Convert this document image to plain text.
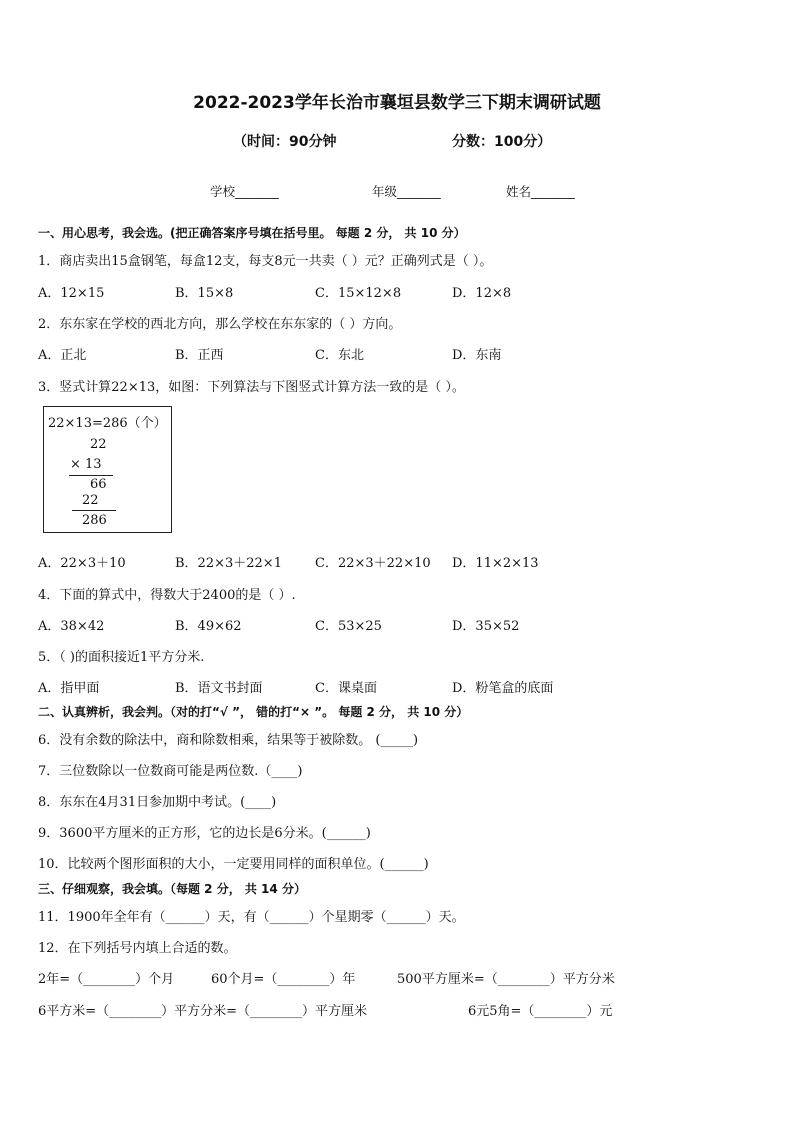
2022-2023学年长治市襄垣县数学三下期末调研试题
（时间：90分钟	分数：100分）
学校_______	年级_______	姓名_______
一、用心思考，我会选。(把正确答案序号填在括号里。 每题 2 分， 共 10 分）
1．商店卖出15盒钢笔，每盒12支，每支8元一共卖（ ）元？正确列式是（ ）。
A．12×15	B．15×8	C．15×12×8	D．12×8
2．东东家在学校的西北方向，那么学校在东东家的（ ）方向。
A．正北	B．正西	C．东北	D．东南
3．竖式计算22×13，如图：下列算法与下图竖式计算方法一致的是（ ）。
22×13=286（个）
22
× 13
66
22
286
A．22×3＋10	B．22×3＋22×1	C．22×3＋22×10 D．11×2×13
4．下面的算式中，得数大于2400的是（ ）.
A．38×42	B．49×62	C．53×25	D．35×52
5．（ )的面积接近1平方分米.
A．指甲面	B．语文书封面	C．课桌面	D．粉笔盒的底面
二、认真辨析，我会判。（对的打“√ ”， 错的打“× ”。 每题 2 分， 共 10 分）
6．没有余数的除法中，商和除数相乘，结果等于被除数。 (_____)
7．三位数除以一位数商可能是两位数.（____)
8．东东在4月31日参加期中考试。(____)
9．3600平方厘米的正方形，它的边长是6分米。(______)
10．比较两个图形面积的大小，一定要用同样的面积单位。(______)
三、仔细观察，我会填。（每题 2 分， 共 14 分）
11．1900年全年有（______）天，有（______）个星期零（______）天。
12．在下列括号内填上合适的数。
2年=（________）个月	60个月=（________）年	500平方厘米=（________）平方分米
6平方米=（________）平方分米=（________）平方厘米	6元5角=（________）元
